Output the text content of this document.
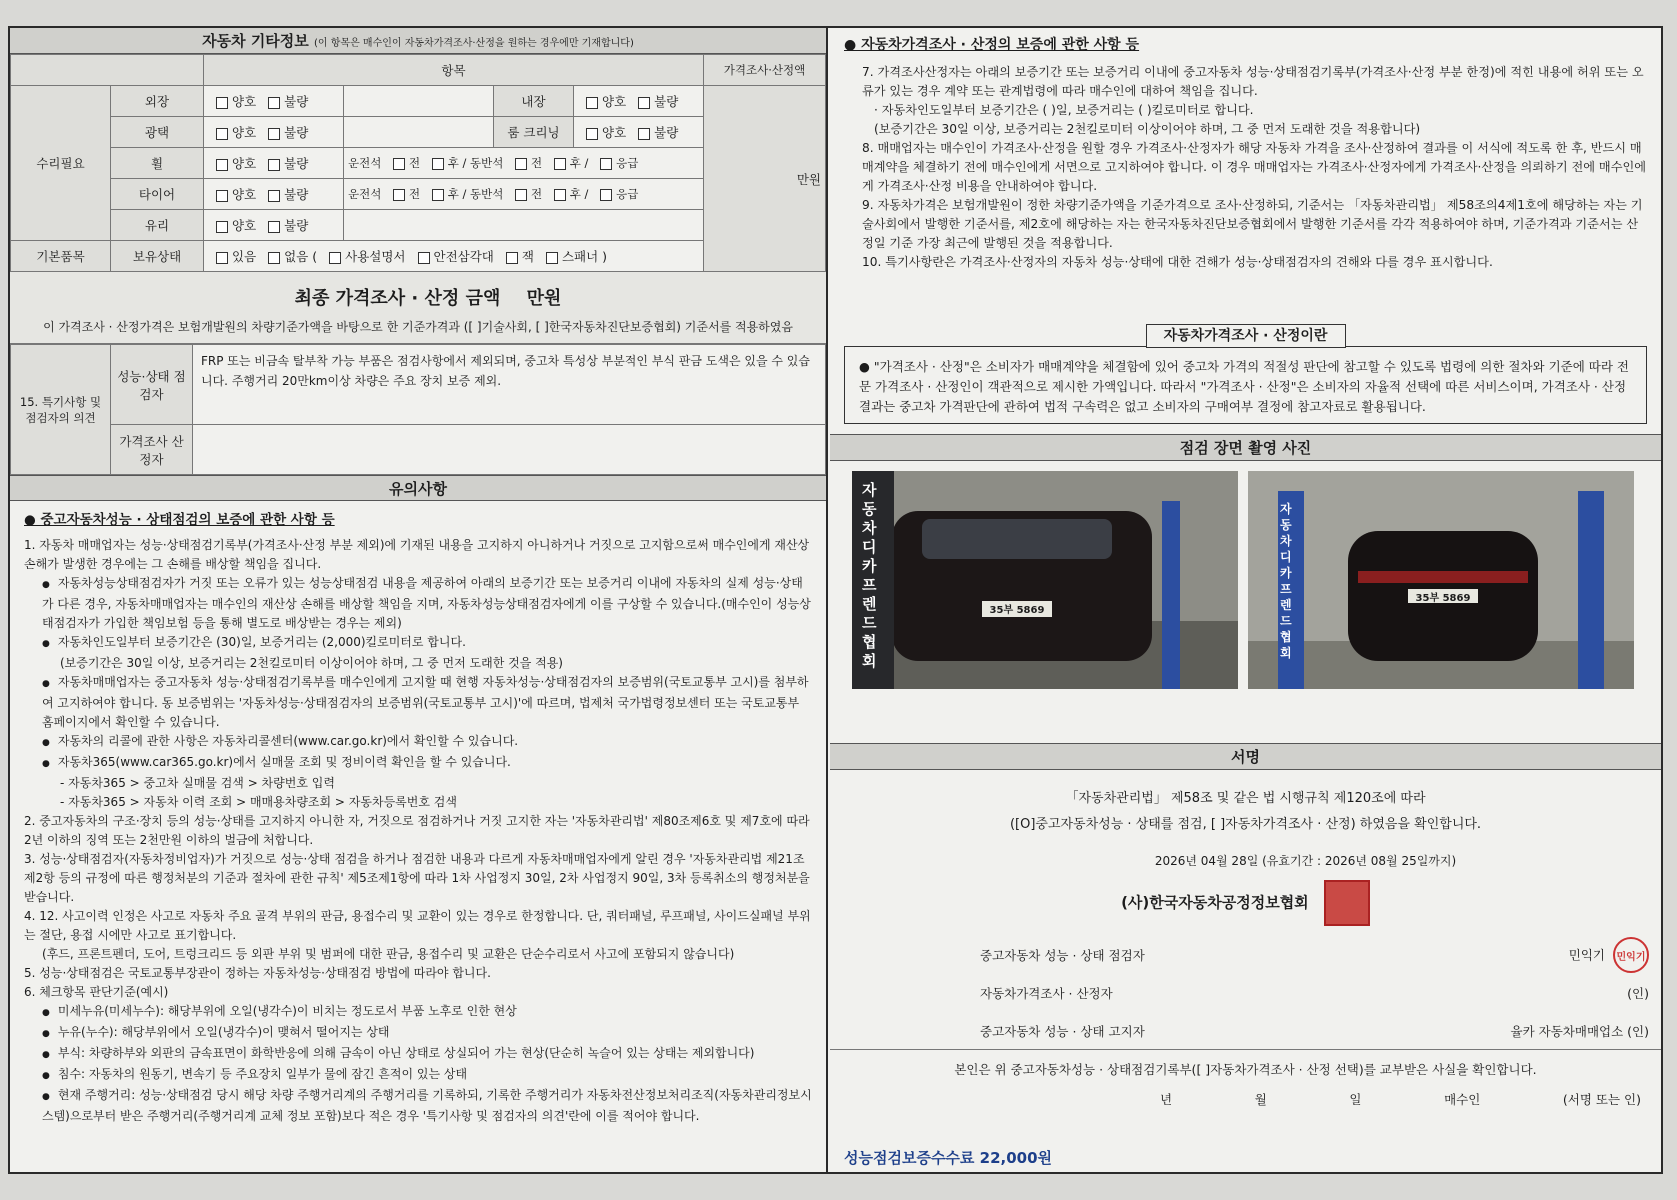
자동차 기타정보 (이 항목은 매수인이 자동차가격조사·산정을 원하는 경우에만 기재합니다)
		항목				가격조사·산정액
수리필요	외장	양호 불량		내장	양호 불량	만원
	광택	양호 불량		룸 크리닝	양호 불량	
	휠	양호 불량	운전석 전 후 / 동반석 전 후 / 응급			
	타이어	양호 불량	운전석 전 후 / 동반석 전 후 / 응급			
	유리	양호 불량				
기본품목	보유상태	있음 없음 ( 사용설명서 안전삼각대 잭 스패너 )				
최종 가격조사 · 산정 금액 만원
이 가격조사 · 산정가격은 보험개발원의 차량기준가액을 바탕으로 한 기준가격과 ([ ]기술사회, [ ]한국자동차진단보증협회) 기준서를 적용하였음
15. 특기사항 및 점검자의 의견	성능·상태 점검자	FRP 또는 비금속 탈부착 가능 부품은 점검사항에서 제외되며, 중고차 특성상 부분적인 부식 판금 도색은 있을 수 있습니다. 주행거리 20만km이상 차량은 주요 장치 보증 제외.
	가격조사 산정자	
유의사항
● 중고자동차성능 · 상태점검의 보증에 관한 사항 등

1. 자동차 매매업자는 성능·상태점검기록부(가격조사·산정 부분 제외)에 기재된 내용을 고지하지 아니하거나 거짓으로 고지함으로써 매수인에게 재산상 손해가 발생한 경우에는 그 손해를 배상할 책임을 집니다.

● 자동차성능상태점검자가 거짓 또는 오류가 있는 성능상태점검 내용을 제공하여 아래의 보증기간 또는 보증거리 이내에 자동차의 실제 성능·상태가 다른 경우, 자동차매매업자는 매수인의 재산상 손해를 배상할 책임을 지며, 자동차성능상태점검자에게 이를 구상할 수 있습니다.(매수인이 성능상태점검자가 가입한 책임보험 등을 통해 별도로 배상받는 경우는 제외)

● 자동차인도일부터 보증기간은 (30)일, 보증거리는 (2,000)킬로미터로 합니다.

(보증기간은 30일 이상, 보증거리는 2천킬로미터 이상이어야 하며, 그 중 먼저 도래한 것을 적용)

● 자동차매매업자는 중고자동차 성능·상태점검기록부를 매수인에게 고지할 때 현행 자동차성능·상태점검자의 보증범위(국토교통부 고시)를 첨부하여 고지하여야 합니다. 동 보증범위는 '자동차성능·상태점검자의 보증범위(국토교통부 고시)'에 따르며, 법제처 국가법령정보센터 또는 국토교통부 홈페이지에서 확인할 수 있습니다.

● 자동차의 리콜에 관한 사항은 자동차리콜센터(www.car.go.kr)에서 확인할 수 있습니다.

● 자동차365(www.car365.go.kr)에서 실매물 조회 및 정비이력 확인을 할 수 있습니다.

- 자동차365 > 중고차 실매물 검색 > 차량번호 입력

- 자동차365 > 자동차 이력 조회 > 매매용차량조회 > 자동차등록번호 검색

2. 중고자동차의 구조·장치 등의 성능·상태를 고지하지 아니한 자, 거짓으로 점검하거나 거짓 고지한 자는 '자동차관리법' 제80조제6호 및 제7호에 따라 2년 이하의 징역 또는 2천만원 이하의 벌금에 처합니다.

3. 성능·상태점검자(자동차정비업자)가 거짓으로 성능·상태 점검을 하거나 점검한 내용과 다르게 자동차매매업자에게 알린 경우 '자동차관리법 제21조제2항 등의 규정에 따른 행정처분의 기준과 절차에 관한 규칙' 제5조제1항에 따라 1차 사업정지 30일, 2차 사업정지 90일, 3차 등록취소의 행정처분을 받습니다.

4. 12. 사고이력 인정은 사고로 자동차 주요 골격 부위의 판금, 용접수리 및 교환이 있는 경우로 한정합니다. 단, 쿼터패널, 루프패널, 사이드실패널 부위는 절단, 용접 시에만 사고로 표기합니다.

(후드, 프론트펜더, 도어, 트렁크리드 등 외판 부위 및 범퍼에 대한 판금, 용접수리 및 교환은 단순수리로서 사고에 포함되지 않습니다)

5. 성능·상태점검은 국토교통부장관이 정하는 자동차성능·상태점검 방법에 따라야 합니다.

6. 체크항목 판단기준(예시)

● 미세누유(미세누수): 해당부위에 오일(냉각수)이 비치는 정도로서 부품 노후로 인한 현상

● 누유(누수): 해당부위에서 오일(냉각수)이 맺혀서 떨어지는 상태

● 부식: 차량하부와 외판의 금속표면이 화학반응에 의해 금속이 아닌 상태로 상실되어 가는 현상(단순히 녹슬어 있는 상태는 제외합니다)

● 침수: 자동차의 원동기, 변속기 등 주요장치 일부가 물에 잠긴 흔적이 있는 상태

● 현재 주행거리: 성능·상태점검 당시 해당 차량 주행거리계의 주행거리를 기록하되, 기록한 주행거리가 자동차전산정보처리조직(자동차관리정보시스템)으로부터 받은 주행거리(주행거리계 교체 정보 포함)보다 적은 경우 '특기사항 및 점검자의 의견'란에 이를 적어야 합니다.

● 자동차가격조사 · 산정의 보증에 관한 사항 등

7. 가격조사산정자는 아래의 보증기간 또는 보증거리 이내에 중고자동차 성능·상태점검기록부(가격조사·산정 부분 한정)에 적힌 내용에 허위 또는 오류가 있는 경우 계약 또는 관계법령에 따라 매수인에 대하여 책임을 집니다.

· 자동차인도일부터 보증기간은 ( )일, 보증거리는 ( )킬로미터로 합니다.

(보증기간은 30일 이상, 보증거리는 2천킬로미터 이상이어야 하며, 그 중 먼저 도래한 것을 적용합니다)

8. 매매업자는 매수인이 가격조사·산정을 원할 경우 가격조사·산정자가 해당 자동차 가격을 조사·산정하여 결과를 이 서식에 적도록 한 후, 반드시 매매계약을 체결하기 전에 매수인에게 서면으로 고지하여야 합니다. 이 경우 매매업자는 가격조사·산정자에게 가격조사·산정을 의뢰하기 전에 매수인에게 가격조사·산정 비용을 안내하여야 합니다.

9. 자동차가격은 보험개발원이 정한 차량기준가액을 기준가격으로 조사·산정하되, 기준서는 「자동차관리법」 제58조의4제1호에 해당하는 자는 기술사회에서 발행한 기준서를, 제2호에 해당하는 자는 한국자동차진단보증협회에서 발행한 기준서를 각각 적용하여야 하며, 기준가격과 기준서는 산정일 기준 가장 최근에 발행된 것을 적용합니다.

10. 특기사항란은 가격조사·산정자의 자동차 성능·상태에 대한 견해가 성능·상태점검자의 견해와 다를 경우 표시합니다.

자동차가격조사 · 산정이란
● "가격조사 · 산정"은 소비자가 매매계약을 체결함에 있어 중고차 가격의 적절성 판단에 참고할 수 있도록 법령에 의한 절차와 기준에 따라 전문 가격조사 · 산정인이 객관적으로 제시한 가액입니다. 따라서 "가격조사 · 산정"은 소비자의 자율적 선택에 따른 서비스이며, 가격조사 · 산정 결과는 중고차 가격판단에 관하여 법적 구속력은 없고 소비자의 구매여부 결정에 참고자료로 활용됩니다.
점검 장면 촬영 사진
자동차디카프렌드협회
35부 5869
자동차디카프렌드협회
35부 5869
서명
「자동차관리법」 제58조 및 같은 법 시행규칙 제120조에 따라
([O]중고자동차성능 · 상태를 점검, [ ]자동차가격조사 · 산정) 하였음을 확인합니다.
2026년 04월 28일 (유효기간 : 2026년 08월 25일까지)
(사)한국자동차공정정보협회
중고자동차 성능 · 상태 점검자	민익기 민익기
자동차가격조사 · 산정자	(인)
중고자동차 성능 · 상태 고지자	율카 자동차매매업소 (인)
본인은 위 중고자동차성능 · 상태점검기록부([ ]자동차가격조사 · 산정 선택)를 교부받은 사실을 확인합니다.
년	월	일	매수인	(서명 또는 인)
성능점검보증수수료 22,000원
